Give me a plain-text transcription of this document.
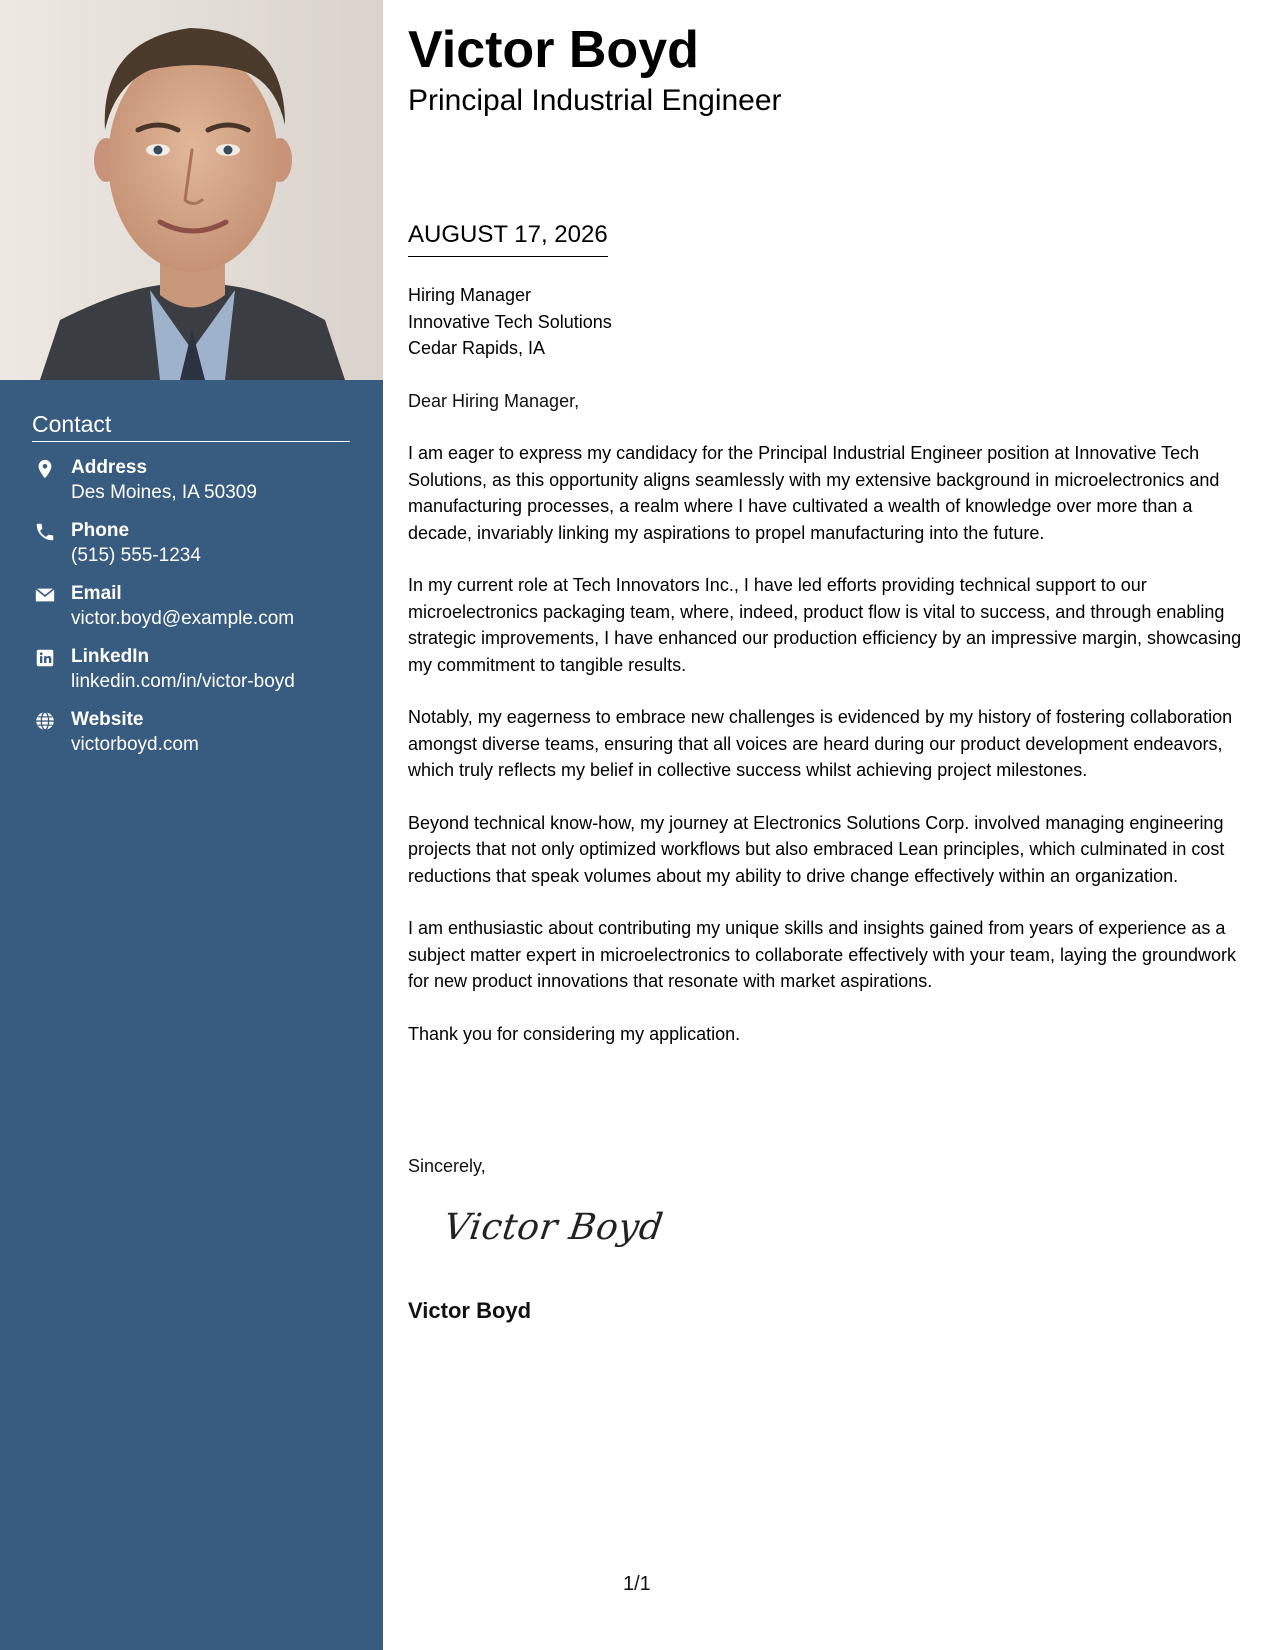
Contact
Address
Des Moines, IA 50309
Phone
(515) 555-1234
Email
victor.boyd@example.com
LinkedIn
linkedin.com/in/victor-boyd
Website
victorboyd.com
Victor Boyd
Principal Industrial Engineer
AUGUST 17, 2026
Hiring Manager
Innovative Tech Solutions
Cedar Rapids, IA
Dear Hiring Manager,

I am eager to express my candidacy for the Principal Industrial Engineer position at Innovative Tech Solutions, as this opportunity aligns seamlessly with my extensive background in microelectronics and manufacturing processes, a realm where I have cultivated a wealth of knowledge over more than a decade, invariably linking my aspirations to propel manufacturing into the future.

In my current role at Tech Innovators Inc., I have led efforts providing technical support to our microelectronics packaging team, where, indeed, product flow is vital to success, and through enabling strategic improvements, I have enhanced our production efficiency by an impressive margin, showcasing my commitment to tangible results.

Notably, my eagerness to embrace new challenges is evidenced by my history of fostering collaboration amongst diverse teams, ensuring that all voices are heard during our product development endeavors, which truly reflects my belief in collective success whilst achieving project milestones.

Beyond technical know-how, my journey at Electronics Solutions Corp. involved managing engineering projects that not only optimized workflows but also embraced Lean principles, which culminated in cost reductions that speak volumes about my ability to drive change effectively within an organization.

I am enthusiastic about contributing my unique skills and insights gained from years of experience as a subject matter expert in microelectronics to collaborate effectively with your team, laying the groundwork for new product innovations that resonate with market aspirations.

Thank you for considering my application.

Sincerely,
Victor Boyd
Victor Boyd
1/1
